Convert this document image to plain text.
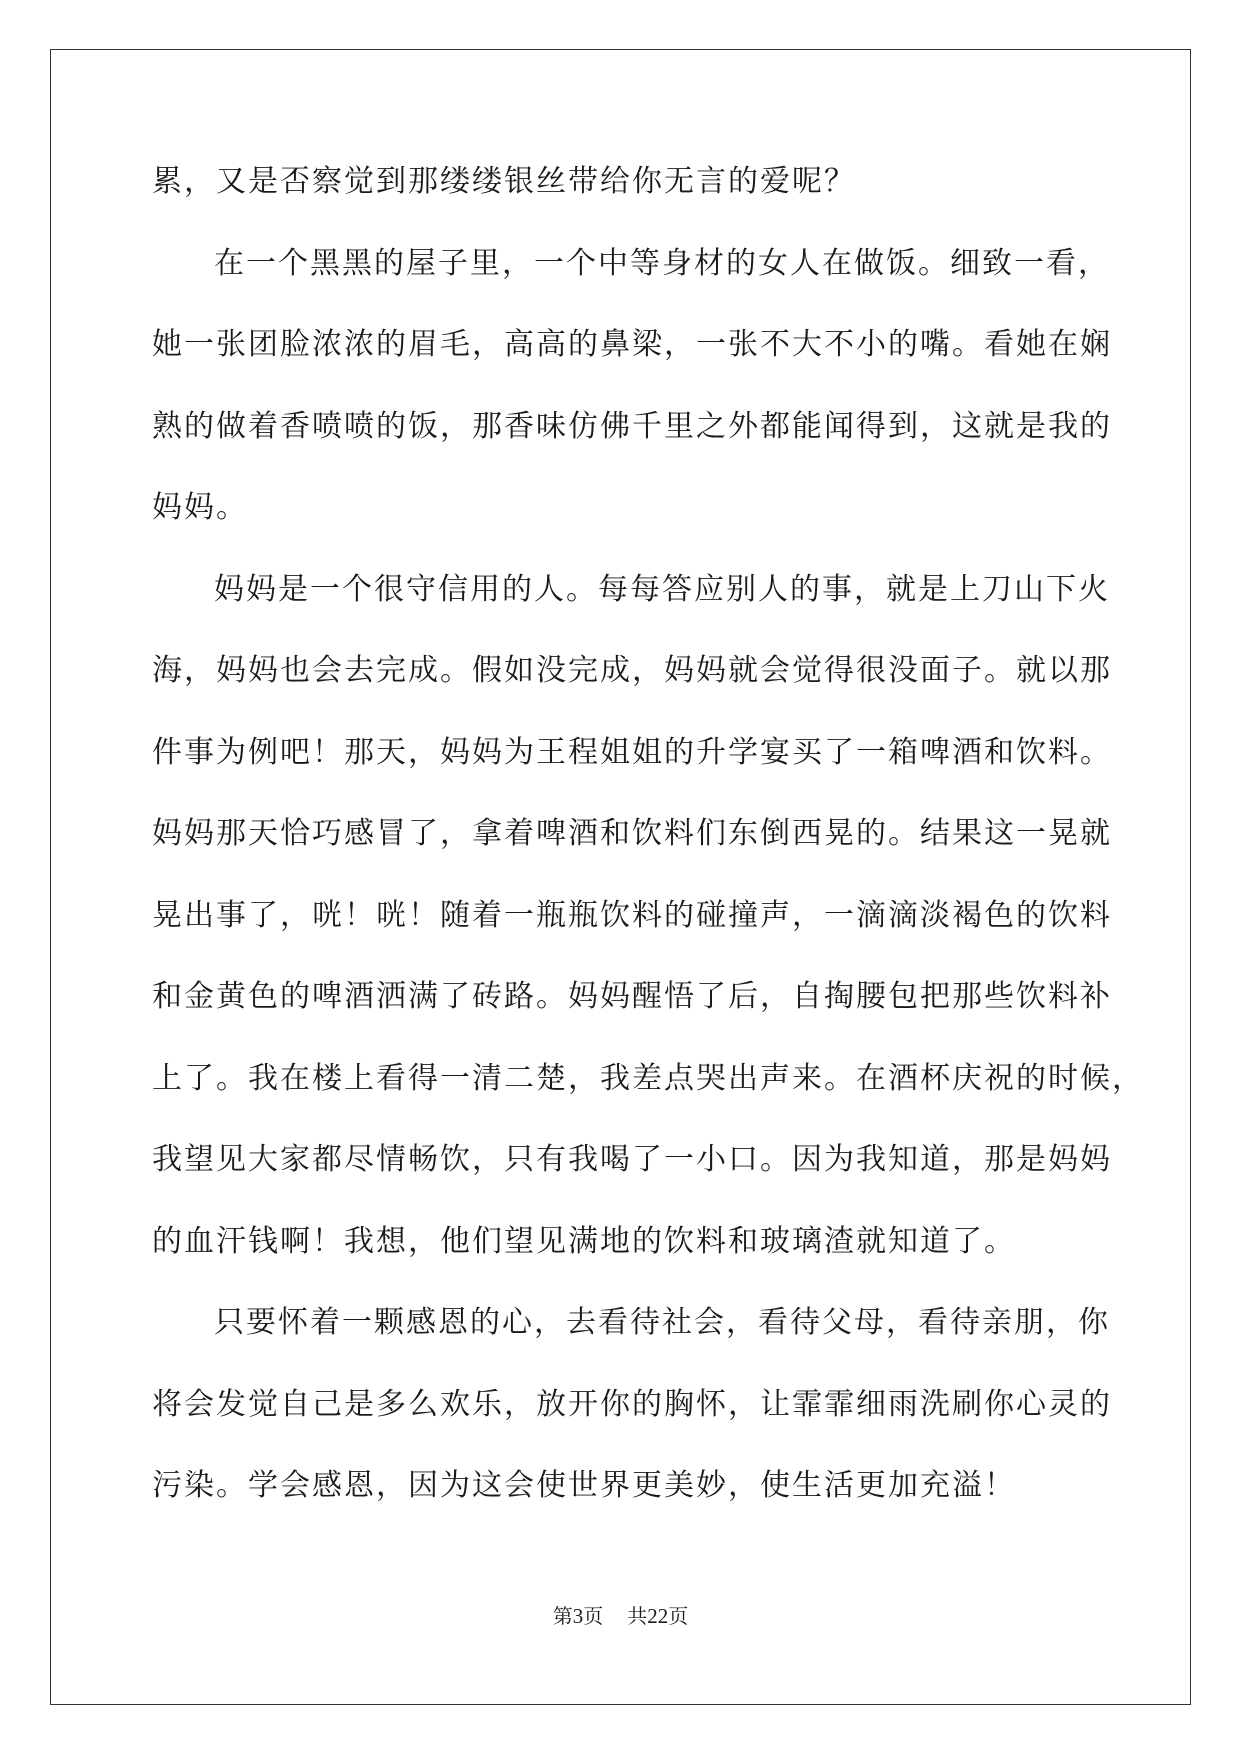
累，又是否察觉到那缕缕银丝带给你无言的爱呢？
在一个黑黑的屋子里，一个中等身材的女人在做饭。细致一看，
她一张团脸浓浓的眉毛，高高的鼻梁，一张不大不小的嘴。看她在娴
熟的做着香喷喷的饭，那香味仿佛千里之外都能闻得到，这就是我的
妈妈。
妈妈是一个很守信用的人。每每答应别人的事，就是上刀山下火
海，妈妈也会去完成。假如没完成，妈妈就会觉得很没面子。就以那
件事为例吧！那天，妈妈为王程姐姐的升学宴买了一箱啤酒和饮料。
妈妈那天恰巧感冒了，拿着啤酒和饮料们东倒西晃的。结果这一晃就
晃出事了，咣！咣！随着一瓶瓶饮料的碰撞声，一滴滴淡褐色的饮料
和金黄色的啤酒洒满了砖路。妈妈醒悟了后，自掏腰包把那些饮料补
上了。我在楼上看得一清二楚，我差点哭出声来。在酒杯庆祝的时候，
我望见大家都尽情畅饮，只有我喝了一小口。因为我知道，那是妈妈
的血汗钱啊！我想，他们望见满地的饮料和玻璃渣就知道了。
只要怀着一颗感恩的心，去看待社会，看待父母，看待亲朋，你
将会发觉自己是多么欢乐，放开你的胸怀，让霏霏细雨洗刷你心灵的
污染。学会感恩，因为这会使世界更美妙，使生活更加充溢！
第3页 共22页
